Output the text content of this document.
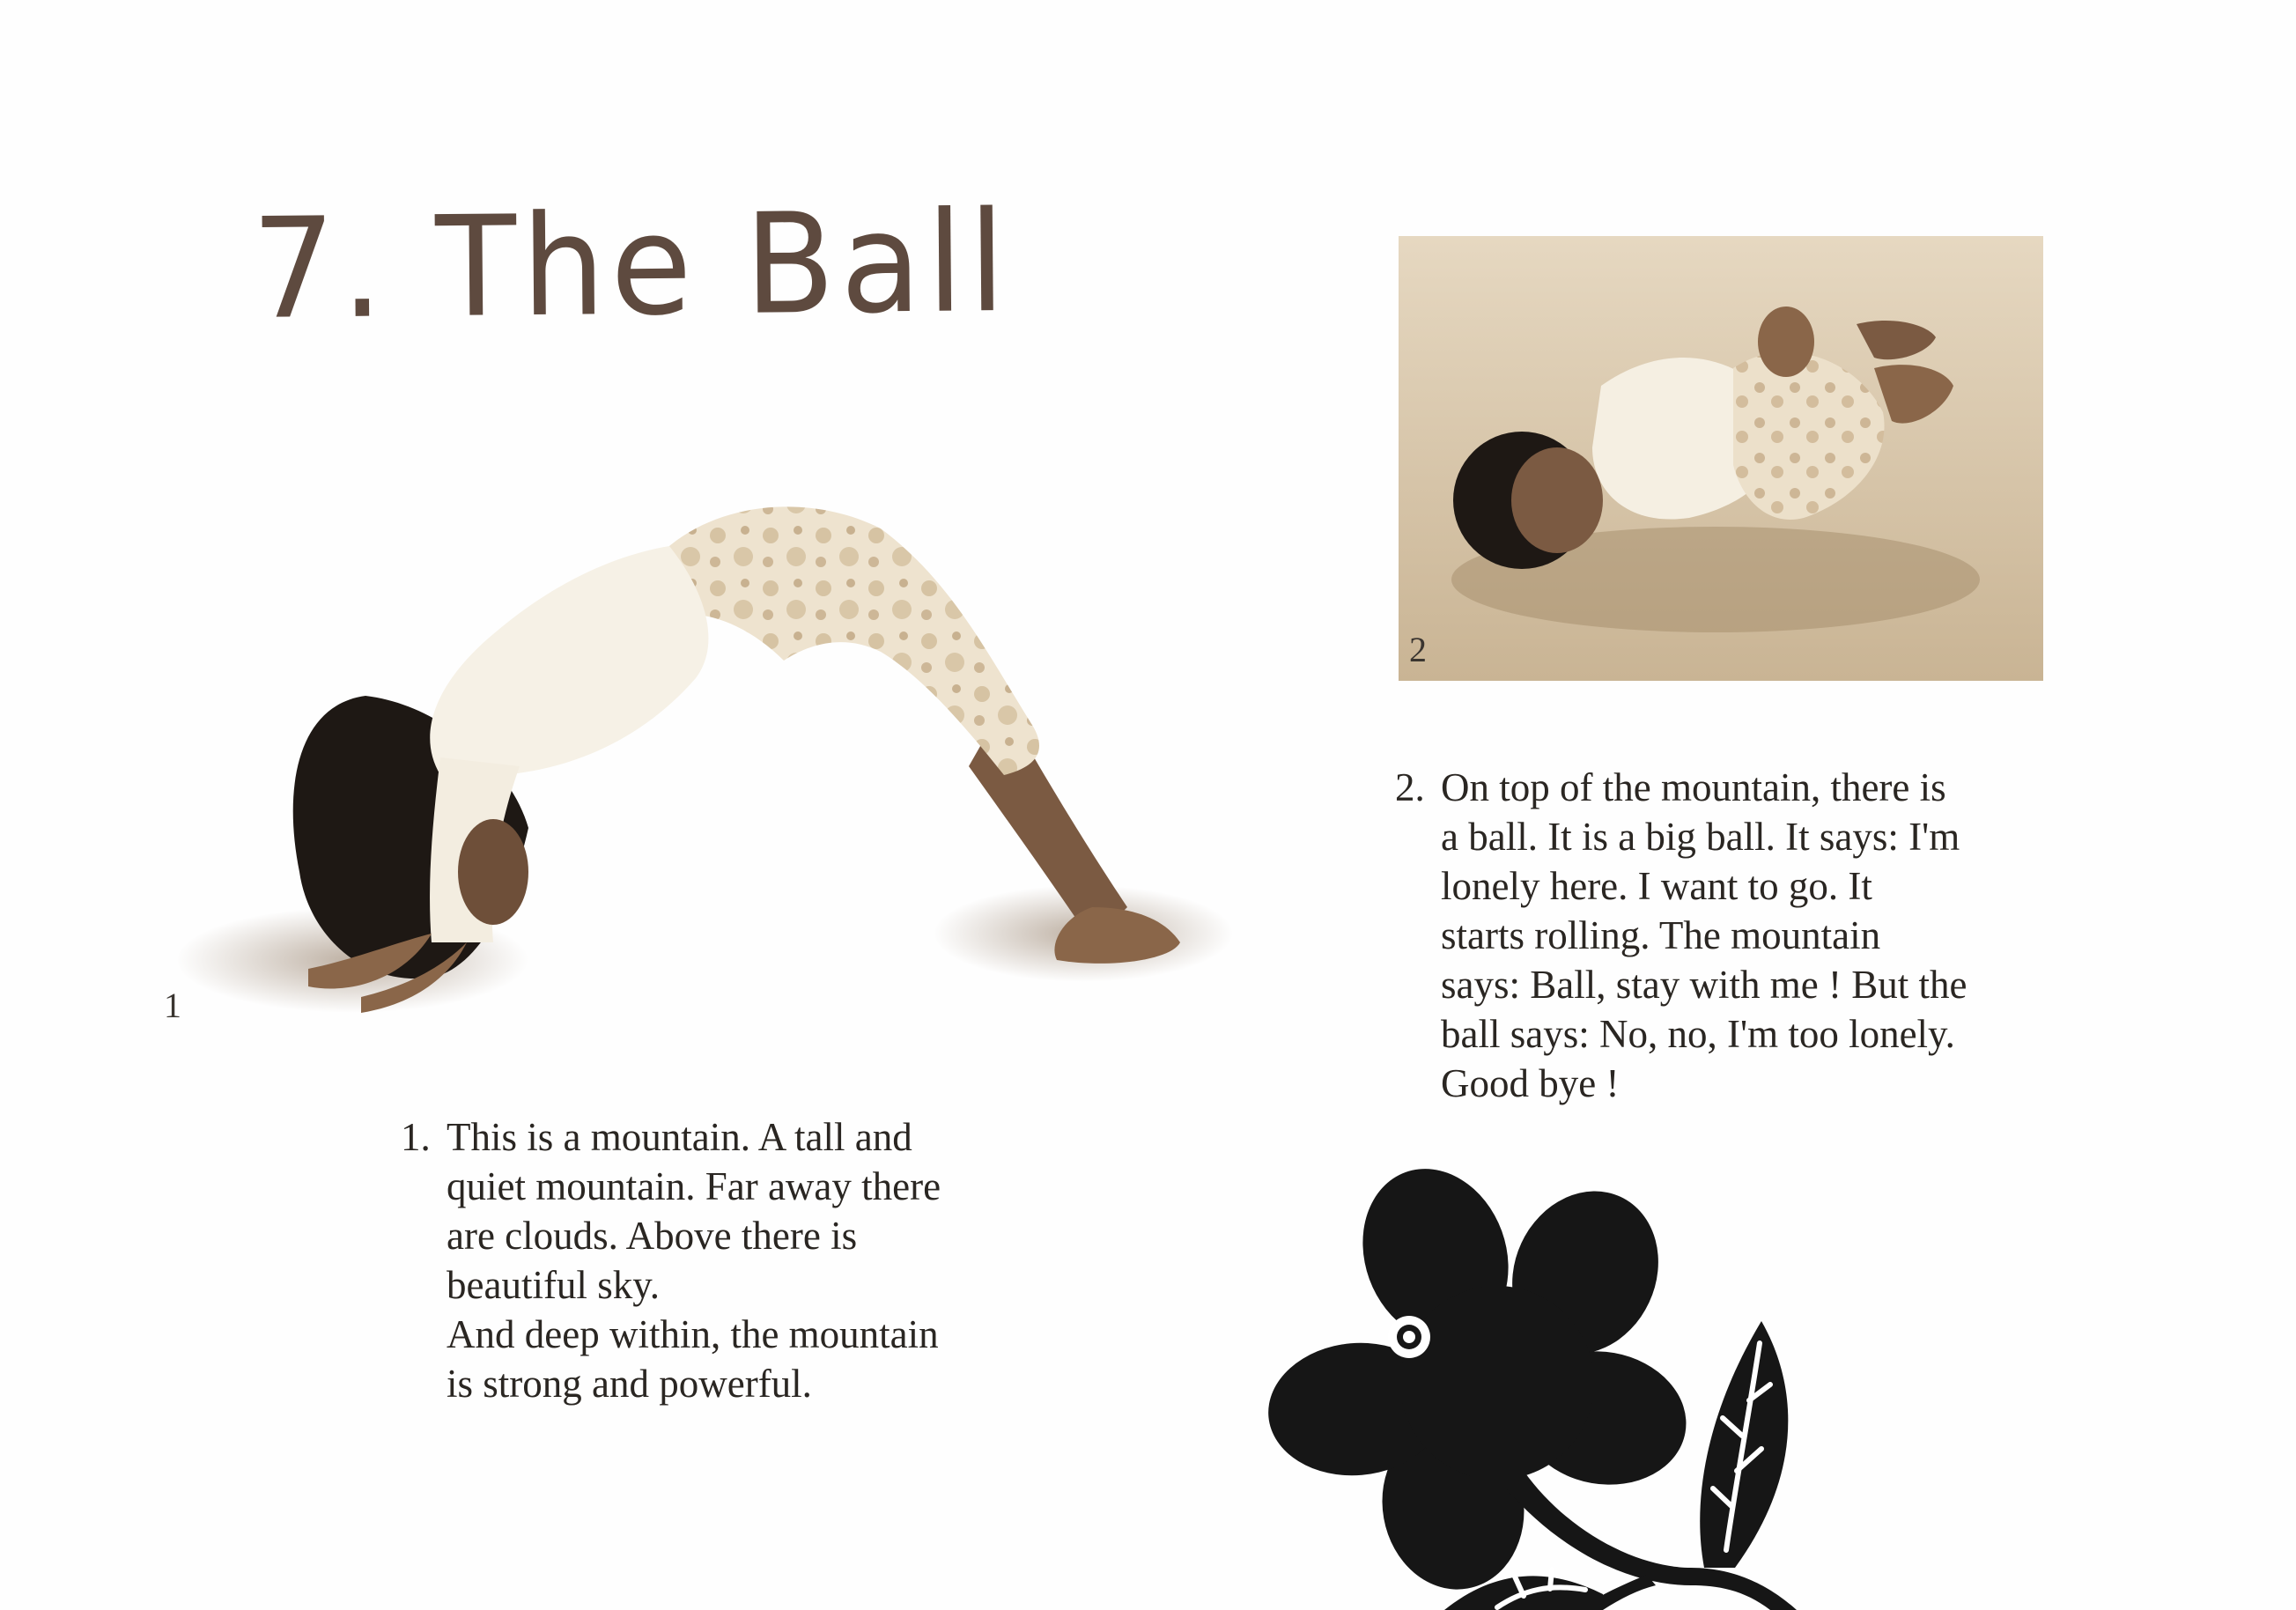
7. The Ball
1
2
1. This is a mountain. A tall and
quiet mountain. Far away there
are clouds. Above there is
beautiful sky.
And deep within, the mountain
is strong and powerful.

2. On top of the mountain, there is
a ball. It is a big ball. It says: I'm
lonely here. I want to go. It
starts rolling. The mountain
says: Ball, stay with me ! But the
ball says: No, no, I'm too lonely.
Good bye !
